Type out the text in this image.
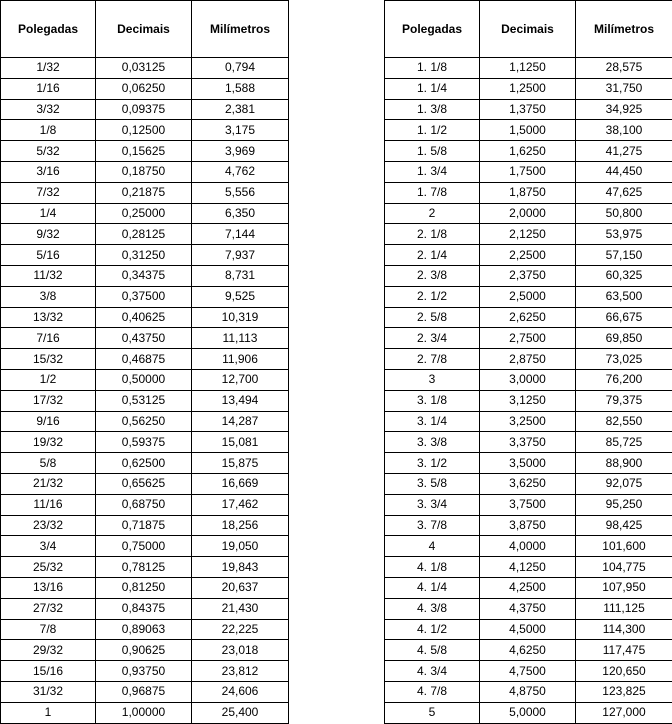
Polegadas	Decimais	Milímetros
1/32	0,03125	0,794
1/16	0,06250	1,588
3/32	0,09375	2,381
1/8	0,12500	3,175
5/32	0,15625	3,969
3/16	0,18750	4,762
7/32	0,21875	5,556
1/4	0,25000	6,350
9/32	0,28125	7,144
5/16	0,31250	7,937
11/32	0,34375	8,731
3/8	0,37500	9,525
13/32	0,40625	10,319
7/16	0,43750	11,113
15/32	0,46875	11,906
1/2	0,50000	12,700
17/32	0,53125	13,494
9/16	0,56250	14,287
19/32	0,59375	15,081
5/8	0,62500	15,875
21/32	0,65625	16,669
11/16	0,68750	17,462
23/32	0,71875	18,256
3/4	0,75000	19,050
25/32	0,78125	19,843
13/16	0,81250	20,637
27/32	0,84375	21,430
7/8	0,89063	22,225
29/32	0,90625	23,018
15/16	0,93750	23,812
31/32	0,96875	24,606
1	1,00000	25,400
Polegadas	Decimais	Milímetros
1. 1/8	1,1250	28,575
1. 1/4	1,2500	31,750
1. 3/8	1,3750	34,925
1. 1/2	1,5000	38,100
1. 5/8	1,6250	41,275
1. 3/4	1,7500	44,450
1. 7/8	1,8750	47,625
2	2,0000	50,800
2. 1/8	2,1250	53,975
2. 1/4	2,2500	57,150
2. 3/8	2,3750	60,325
2. 1/2	2,5000	63,500
2. 5/8	2,6250	66,675
2. 3/4	2,7500	69,850
2. 7/8	2,8750	73,025
3	3,0000	76,200
3. 1/8	3,1250	79,375
3. 1/4	3,2500	82,550
3. 3/8	3,3750	85,725
3. 1/2	3,5000	88,900
3. 5/8	3,6250	92,075
3. 3/4	3,7500	95,250
3. 7/8	3,8750	98,425
4	4,0000	101,600
4. 1/8	4,1250	104,775
4. 1/4	4,2500	107,950
4. 3/8	4,3750	111,125
4. 1/2	4,5000	114,300
4. 5/8	4,6250	117,475
4. 3/4	4,7500	120,650
4. 7/8	4,8750	123,825
5	5,0000	127,000
